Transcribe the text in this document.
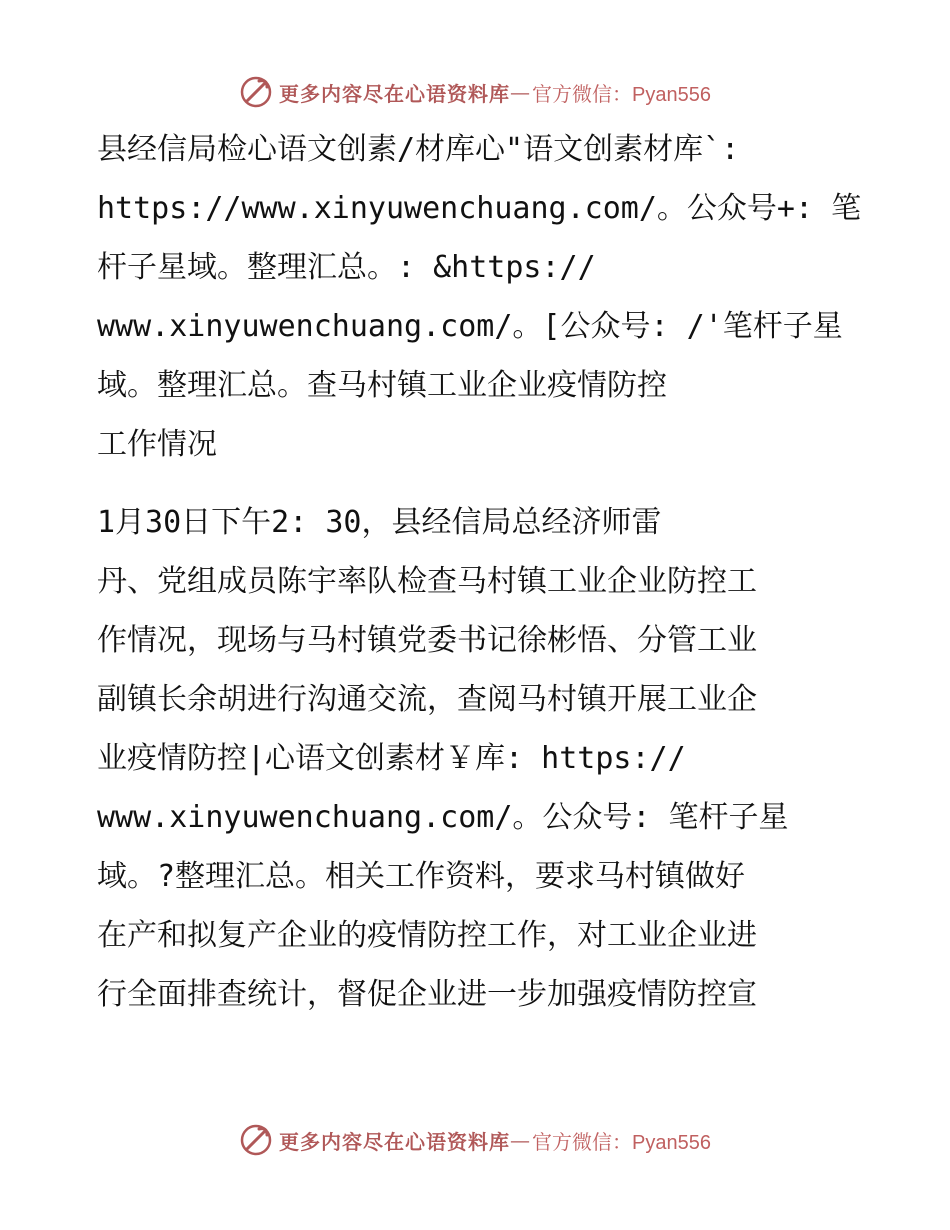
更多内容尽在心语资料库 — 官方微信：Pyan556
县经信局检心语文创素/材库心"语文创素材库`:
https://www.xinyuwenchuang.com/。公众号+: 笔
杆子星域。整理汇总。: &https://
www.xinyuwenchuang.com/。[公众号: /'笔杆子星
域。整理汇总。查马村镇工业企业疫情防控
工作情况
1月30日下午2: 30，县经信局总经济师雷
丹、党组成员陈宇率队检查马村镇工业企业防控工
作情况，现场与马村镇党委书记徐彬悟、分管工业
副镇长余胡进行沟通交流，查阅马村镇开展工业企
业疫情防控|心语文创素材￥库: https://
www.xinyuwenchuang.com/。公众号: 笔杆子星
域。?整理汇总。相关工作资料，要求马村镇做好
在产和拟复产企业的疫情防控工作，对工业企业进
行全面排查统计，督促企业进一步加强疫情防控宣
更多内容尽在心语资料库 — 官方微信：Pyan556
